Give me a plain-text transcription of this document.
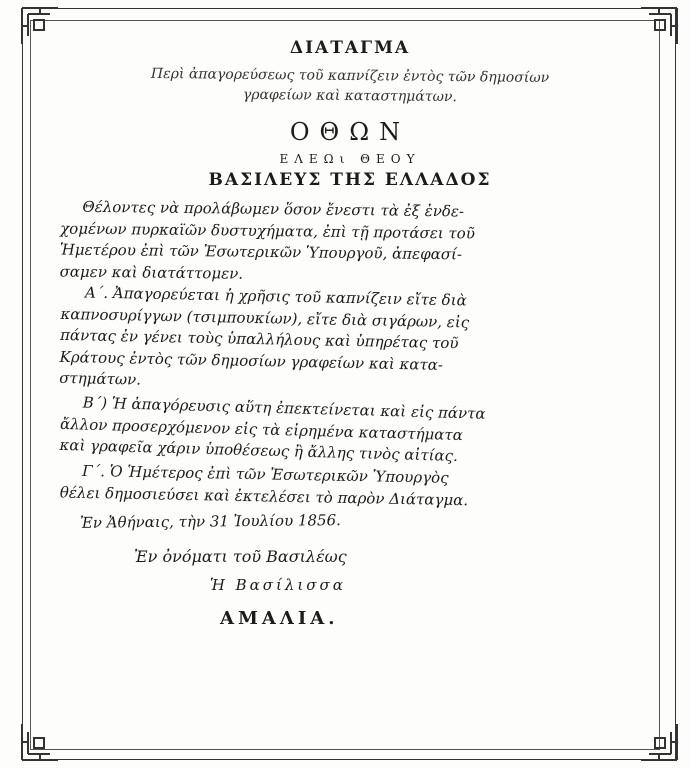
ΔΙΑΤΑΓΜΑ
Περὶ ἀπαγορεύσεως τοῦ καπνίζειν ἐντὸς τῶν δημοσίων
γραφείων καὶ καταστημάτων.
ΟΘΩΝ
ΕΛΕΩι ΘΕΟΥ
ΒΑΣΙΛΕΥΣ ΤΗΣ ΕΛΛΑΔΟΣ

Θέλοντες νὰ προλάβωμεν ὅσον ἔνεστι τὰ ἐξ ἐνδε-
χομένων πυρκαϊῶν δυστυχήματα, ἐπὶ τῇ προτάσει τοῦ
Ἡμετέρου ἐπὶ τῶν Ἐσωτερικῶν Ὑπουργοῦ, ἀπεφασί-
σαμεν καὶ διατάττομεν.

Α΄. Ἀπαγορεύεται ἡ χρῆσις τοῦ καπνίζειν εἴτε διὰ
καπνοσυρίγγων (τσιμπουκίων), εἴτε διὰ σιγάρων, εἰς
πάντας ἐν γένει τοὺς ὑπαλλήλους καὶ ὑπηρέτας τοῦ
Κράτους ἐντὸς τῶν δημοσίων γραφείων καὶ κατα-
στημάτων.

Β΄) Ἡ ἀπαγόρευσις αὕτη ἐπεκτείνεται καὶ εἰς πάντα
ἄλλον προσερχόμενον εἰς τὰ εἰρημένα καταστήματα
καὶ γραφεῖα χάριν ὑποθέσεως ἢ ἄλλης τινὸς αἰτίας.

Γ΄. Ὁ Ἡμέτερος ἐπὶ τῶν Ἐσωτερικῶν Ὑπουργὸς
θέλει δημοσιεύσει καὶ ἐκτελέσει τὸ παρὸν Διάταγμα.

Ἐν Ἀθήναις, τὴν 31 Ἰουλίου 1856.
Ἐν ὀνόματι τοῦ Βασιλέως
Ἡ Βασίλισσα
ΑΜΑΛΙΑ.
